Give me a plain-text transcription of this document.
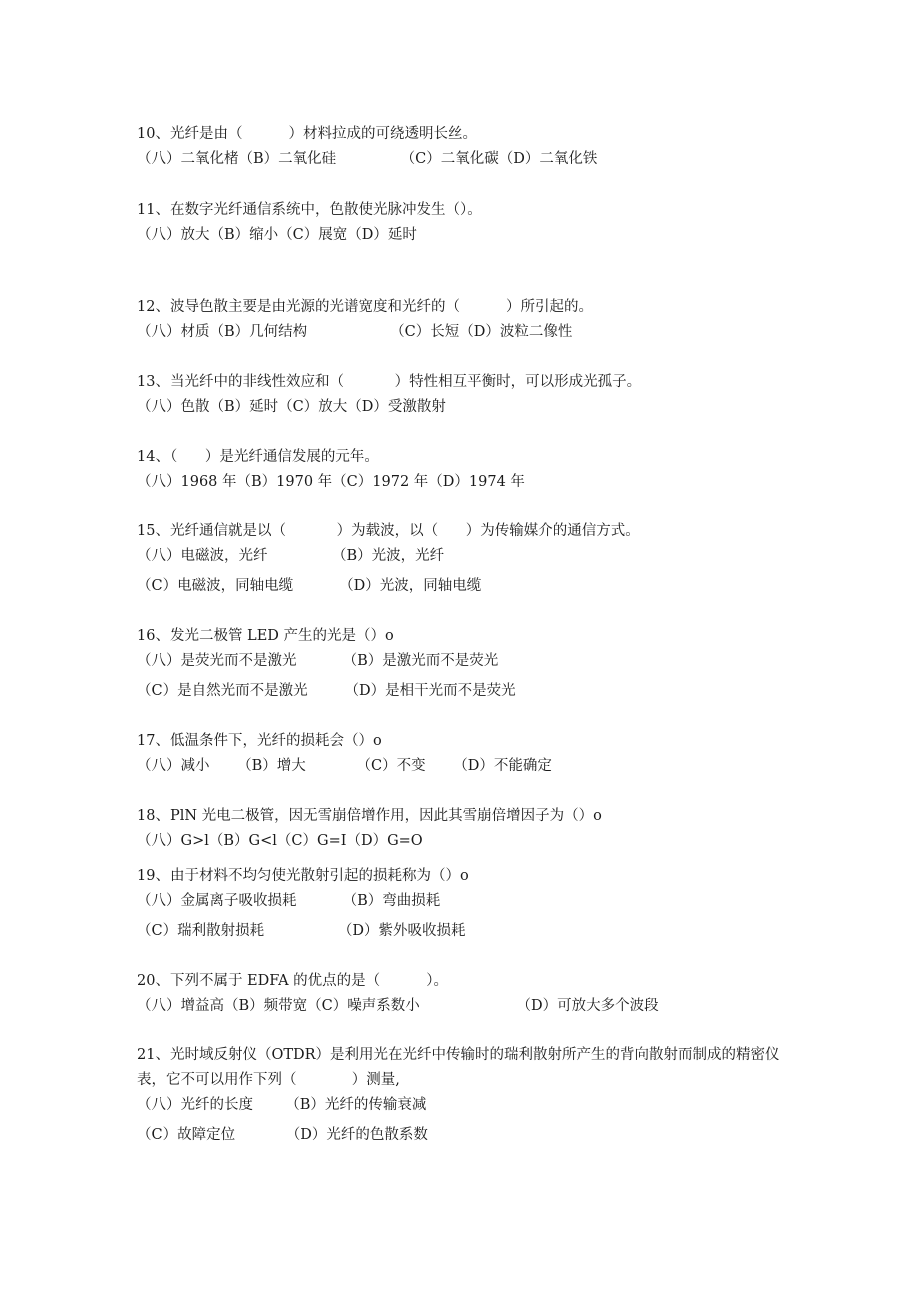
10、光纤是由（          ）材料拉成的可绕透明长丝。
（八）二氧化楮（B）二氧化硅              （C）二氧化碳（D）二氧化铁
11、在数字光纤通信系统中，色散使光脉冲发生（）。
（八）放大（B）缩小（C）展宽（D）延时
12、波导色散主要是由光源的光谱宽度和光纤的（          ）所引起的。
（八）材质（B）几何结构                  （C）长短（D）波粒二像性
13、当光纤中的非线性效应和（           ）特性相互平衡时，可以形成光孤子。
（八）色散（B）延时（C）放大（D）受激散射
14、（      ）是光纤通信发展的元年。
（八）1968 年（B）1970 年（C）1972 年（D）1974 年
15、光纤通信就是以（           ）为载波，以（      ）为传输媒介的通信方式。
（八）电磁波，光纤              （B）光波，光纤
（C）电磁波，同轴电缆          （D）光波，同轴电缆
16、发光二极管 LED 产生的光是（）o
（八）是荧光而不是激光          （B）是激光而不是荧光
（C）是自然光而不是激光        （D）是相干光而不是荧光
17、低温条件下，光纤的损耗会（）o
（八）减小      （B）增大           （C）不变      （D）不能确定
18、PlN 光电二极管，因无雪崩倍增作用，因此其雪崩倍增因子为（）o
（八）G>l（B）G<l（C）G=I（D）G=O
19、由于材料不均匀使光散射引起的损耗称为（）o
（八）金属离子吸收损耗          （B）弯曲损耗
（C）瑞利散射损耗                （D）紫外吸收损耗
20、下列不属于 EDFA 的优点的是（          ）。
（八）增益高（B）频带宽（C）噪声系数小                     （D）可放大多个波段
21、光时域反射仪（OTDR）是利用光在光纤中传输时的瑞利散射所产生的背向散射而制成的精密仪
表，它不可以用作下列（            ）测量,
（八）光纤的长度       （B）光纤的传输衰减
（C）故障定位           （D）光纤的色散系数
